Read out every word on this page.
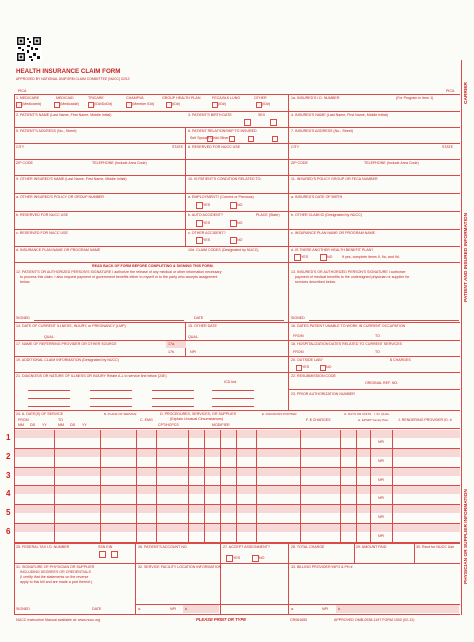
HEALTH INSURANCE CLAIM FORM
APPROVED BY NATIONAL UNIFORM CLAIM COMMITTEE (NUCC) 02/12
PICA	PICA CARRIER
PATIENT AND INSURED INFORMATION
PHYSICIAN OR SUPPLIER INFORMATION
1. MEDICARE	MEDICAID	TRICARE	CHAMPVA	GROUP HEALTH PLAN	FECA BLK LUNG	OTHER
(Medicare#)	(Medicaid#)	(ID#/DoD#)	(Member ID#)	(ID#)	(ID#)	(ID#)
1a. INSURED'S I.D. NUMBER	(For Program in Item 1)
2. PATIENT'S NAME (Last Name, First Name, Middle Initial)	3. PATIENT'S BIRTH DATE	SEX	4. INSURED'S NAME (Last Name, First Name, Middle Initial)
5. PATIENT'S ADDRESS (No., Street)	6. PATIENT RELATIONSHIP TO INSURED
Self Spouse Child Other
7. INSURED'S ADDRESS (No., Street)
CITY	STATE 8. RESERVED FOR NUCC USE	CITY	STATE
ZIP CODE	TELEPHONE (Include Area Code)	ZIP CODE	TELEPHONE (Include Area Code)
9. OTHER INSURED'S NAME (Last Name, First Name, Middle Initial)	10. IS PATIENT'S CONDITION RELATED TO:	11. INSURED'S POLICY GROUP OR FECA NUMBER
a. OTHER INSURED'S POLICY OR GROUP NUMBER	a. EMPLOYMENT? (Current or Previous)
YES	NO
a. INSURED'S DATE OF BIRTH
b. RESERVED FOR NUCC USE	b. AUTO ACCIDENT?	PLACE (State)
YES	NO
b. OTHER CLAIM ID (Designated by NUCC)
c. RESERVED FOR NUCC USE	c. OTHER ACCIDENT?
YES	NO
c. INSURANCE PLAN NAME OR PROGRAM NAME
d. INSURANCE PLAN NAME OR PROGRAM NAME	10d. CLAIM CODES (Designated by NUCC)	d. IS THERE ANOTHER HEALTH BENEFIT PLAN?
YES	NO	If yes, complete items 9, 9a, and 9d.
READ BACK OF FORM BEFORE COMPLETING & SIGNING THIS FORM.
12. PATIENT'S OR AUTHORIZED PERSON'S SIGNATURE I authorize the release of any medical or other information necessary
to process this claim. I also request payment of government benefits either to myself or to the party who accepts assignment
below.
13. INSURED'S OR AUTHORIZED PERSON'S SIGNATURE I authorize
payment of medical benefits to the undersigned physician or supplier for
services described below.
SIGNED	DATE	SIGNED
14. DATE OF CURRENT ILLNESS, INJURY, or PREGNANCY (LMP)
QUAL.
15. OTHER DATE
QUAL.
16. DATES PATIENT UNABLE TO WORK IN CURRENT OCCUPATION
FROM	TO
17. NAME OF REFERRING PROVIDER OR OTHER SOURCE	17a.
17b.	NPI
18. HOSPITALIZATION DATES RELATED TO CURRENT SERVICES
FROM	TO
19. ADDITIONAL CLAIM INFORMATION (Designated by NUCC)	20. OUTSIDE LAB?	$ CHARGES
YES	NO
21. DIAGNOSIS OR NATURE OF ILLNESS OR INJURY Relate A-L to service line below (24E)
ICD Ind.
22. RESUBMISSION CODE
ORIGINAL REF. NO.
23. PRIOR AUTHORIZATION NUMBER
24. A. DATE(S) OF SERVICE
FROM	TO
MM DD YY	MM DD YY
B. PLACE OF SERVICE
C. EMG
D. PROCEDURES, SERVICES, OR SUPPLIES
(Explain Unusual Circumstances)
CPT/HCPCS	MODIFIER
E. DIAGNOSIS POINTER
F. $ CHARGES
G. DAYS OR UNITS
H. EPSDT Family Plan
I. ID. QUAL.
J. RENDERING PROVIDER ID. #
1	NPI
2	NPI
3	NPI
4	NPI
5	NPI
6	NPI
25. FEDERAL TAX I.D. NUMBER	SSN EIN	26. PATIENT'S ACCOUNT NO.	27. ACCEPT ASSIGNMENT?
YES	NO
28. TOTAL CHARGE	29. AMOUNT PAID	30. Rsvd for NUCC Use
31. SIGNATURE OF PHYSICIAN OR SUPPLIER
INCLUDING DEGREES OR CREDENTIALS
(I certify that the statements on the reverse
apply to this bill and are made a part thereof.)
32. SERVICE FACILITY LOCATION INFORMATION	33. BILLING PROVIDER INFO & PH #
SIGNED	DATE	a.	NPI	b.	a.	NPI	b.
NUCC Instruction Manual available at: www.nucc.org	PLEASE PRINT OR TYPE	CR061650	APPROVED OMB-0938-1197 FORM 1500 (02-12)
